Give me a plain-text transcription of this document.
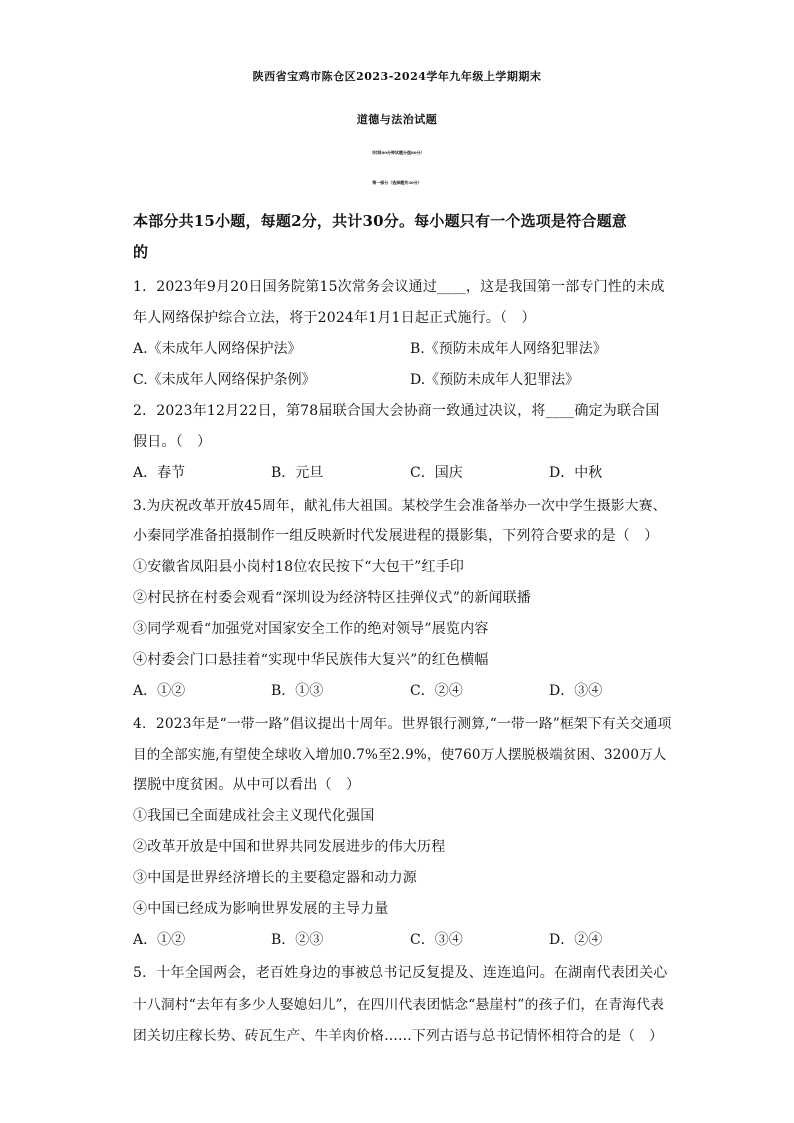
陕西省宝鸡市陈仓区2023-2024学年九年级上学期期末
道德与法治试题
（时间80分钟试题分值80分）
第一部分（选择题共30分）
本部分共15小题，每题2分，共计30分。每小题只有一个选项是符合题意
的
1．2023年9月20日国务院第15次常务会议通过____，这是我国第一部专门性的未成
年人网络保护综合立法，将于2024年1月1日起正式施行。（　）
A.《未成年人网络保护法》	B.《预防未成年人网络犯罪法》
C.《未成年人网络保护条例》	D.《预防未成年人犯罪法》
2．2023年12月22日，第78届联合国大会协商一致通过决议，将____确定为联合国
假日。（　）
A．春节	B．元旦	C．国庆	D．中秋
3.为庆祝改革开放45周年，献礼伟大祖国。某校学生会准备举办一次中学生摄影大赛、
小秦同学准备拍摄制作一组反映新时代发展进程的摄影集，下列符合要求的是（　）
①安徽省凤阳县小岗村18位农民按下“大包干”红手印
②村民挤在村委会观看“深圳设为经济特区挂弹仪式”的新闻联播
③同学观看“加强党对国家安全工作的绝对领导”展览内容
④村委会门口悬挂着“实现中华民族伟大复兴”的红色横幅
A．①②	B．①③	C．②④	D．③④
4．2023年是“一带一路”倡议提出十周年。世界银行测算,“一带一路”框架下有关交通项
目的全部实施,有望使全球收入增加0.7%至2.9%，使760万人摆脱极端贫困、3200万人
摆脱中度贫困。从中可以看出（　）
①我国已全面建成社会主义现代化强国
②改革开放是中国和世界共同发展进步的伟大历程
③中国是世界经济增长的主要稳定器和动力源
④中国已经成为影响世界发展的主导力量
A．①②	B．②③	C．③④	D．②④
5．十年全国两会，老百姓身边的事被总书记反复提及、连连追问。在湖南代表团关心
十八洞村“去年有多少人娶媳妇儿”，在四川代表团惦念“悬崖村”的孩子们，在青海代表
团关切庄稼长势、砖瓦生产、牛羊肉价格……下列古语与总书记情怀相符合的是（　）
